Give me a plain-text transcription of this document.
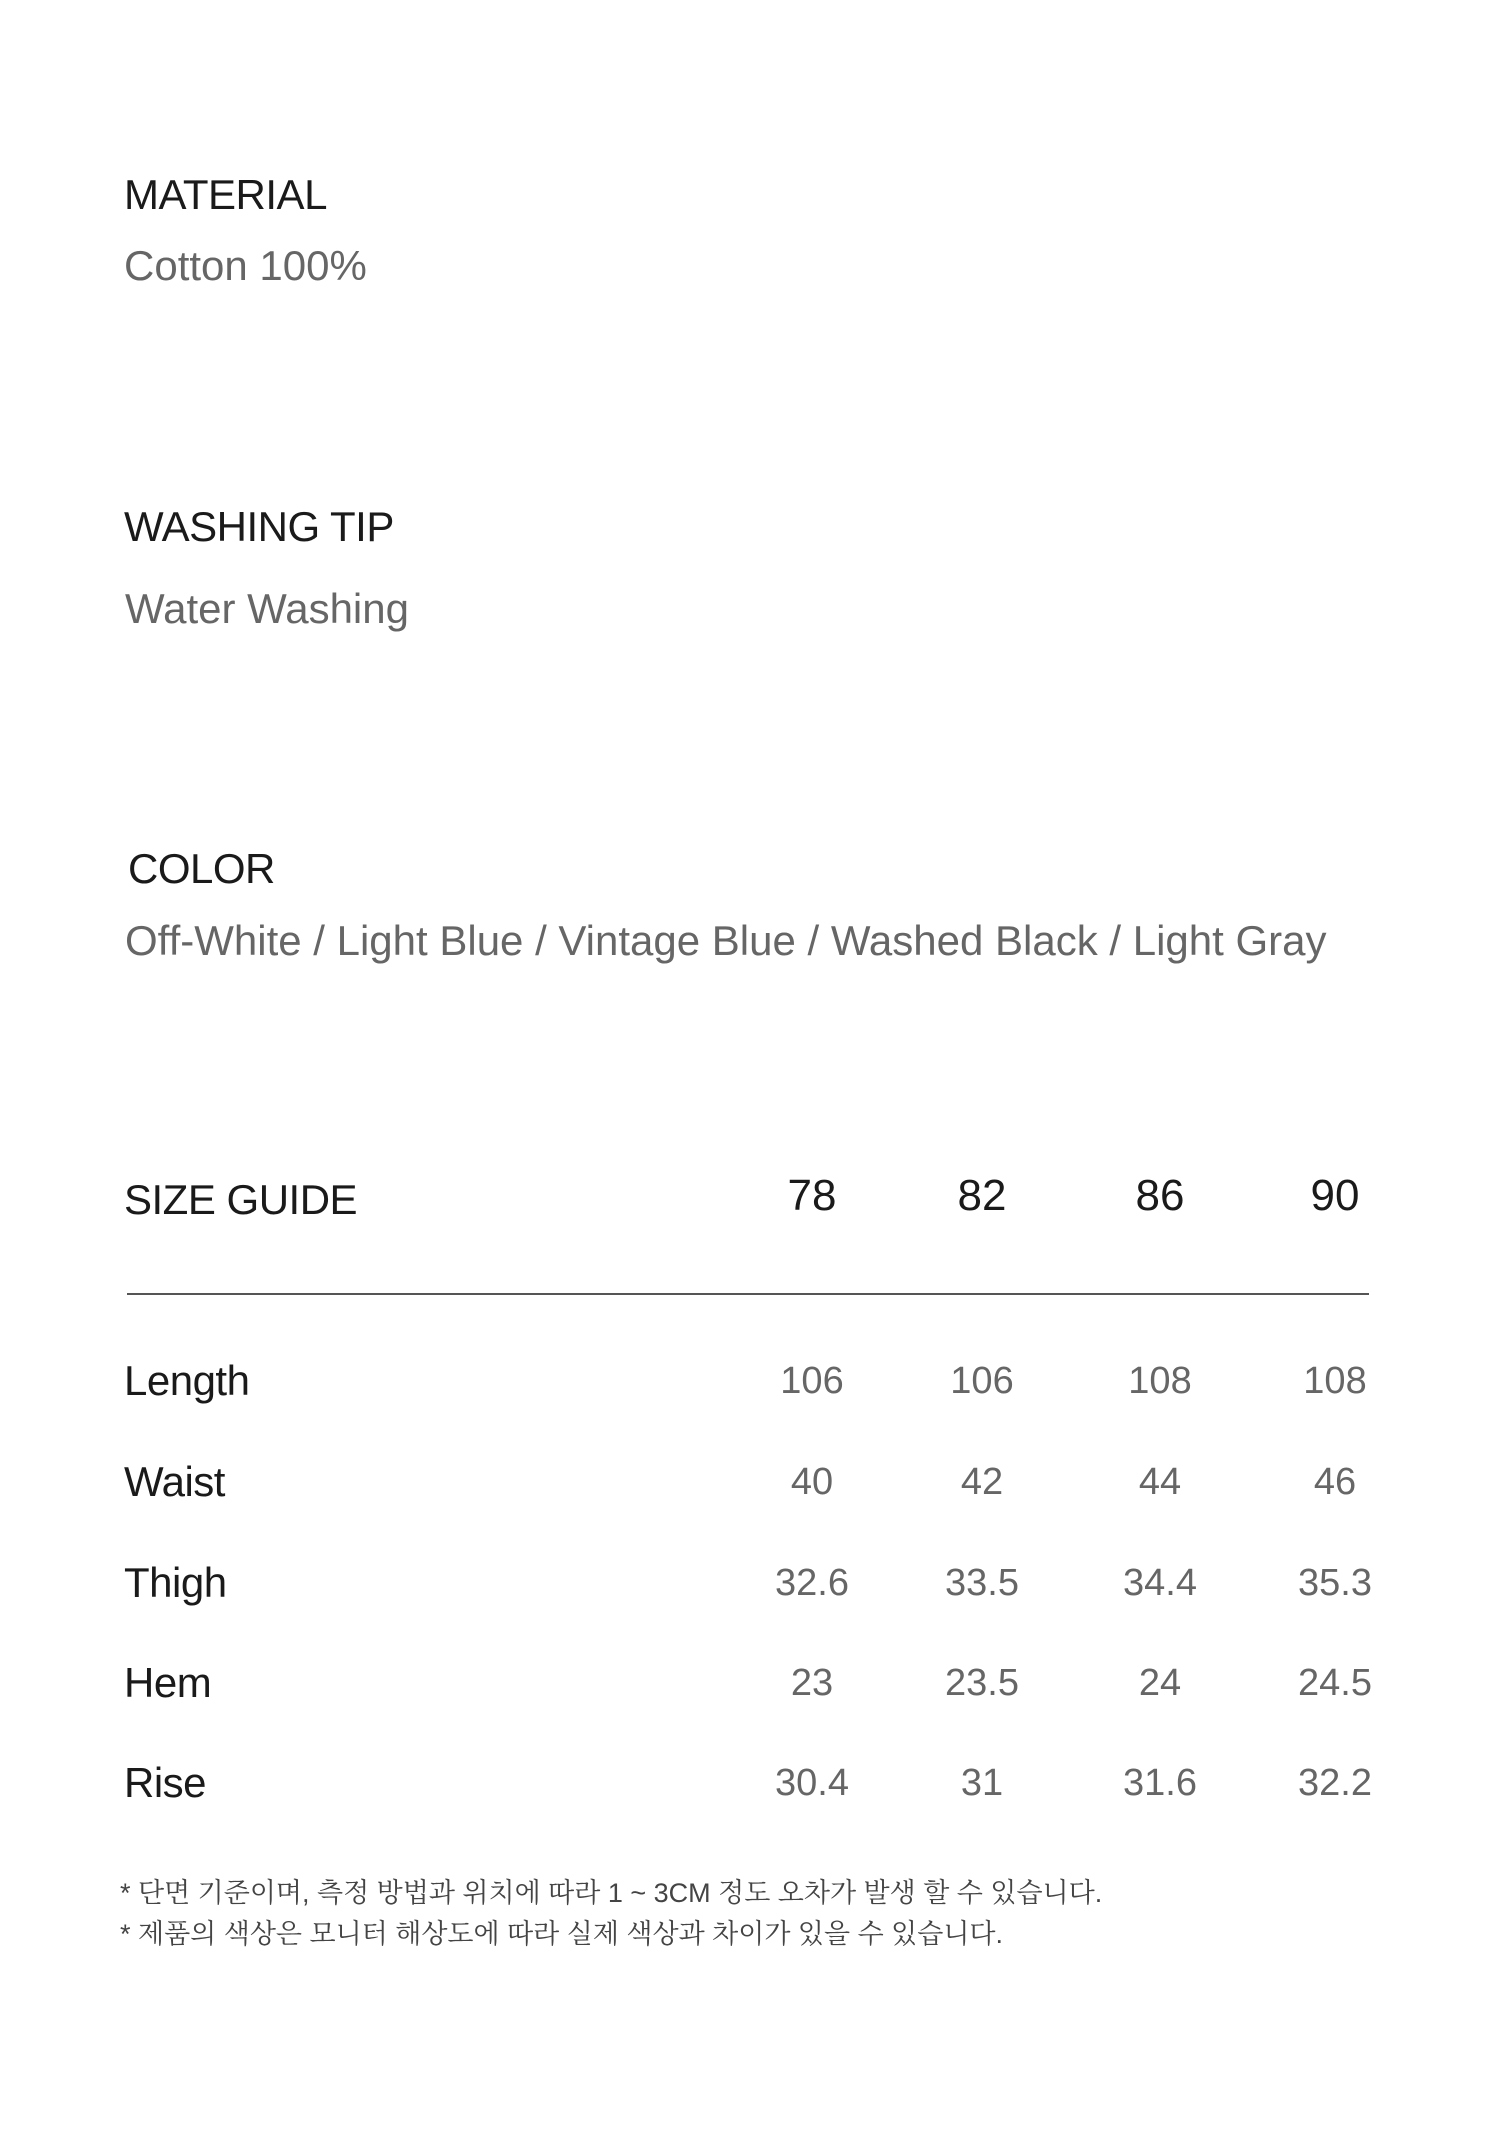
MATERIAL
Cotton 100%
WASHING TIP
Water Washing
COLOR
Off-White / Light Blue / Vintage Blue / Washed Black / Light Gray
SIZE GUIDE	78	82	86	90
Length	106	106	108	108
Waist	40	42	44	46
Thigh	32.6	33.5	34.4	35.3
Hem	23	23.5	24	24.5
Rise	30.4	31	31.6	32.2
* 단면 기준이며, 측정 방법과 위치에 따라 1 ~ 3CM 정도 오차가 발생 할 수 있습니다.
* 제품의 색상은 모니터 해상도에 따라 실제 색상과 차이가 있을 수 있습니다.
